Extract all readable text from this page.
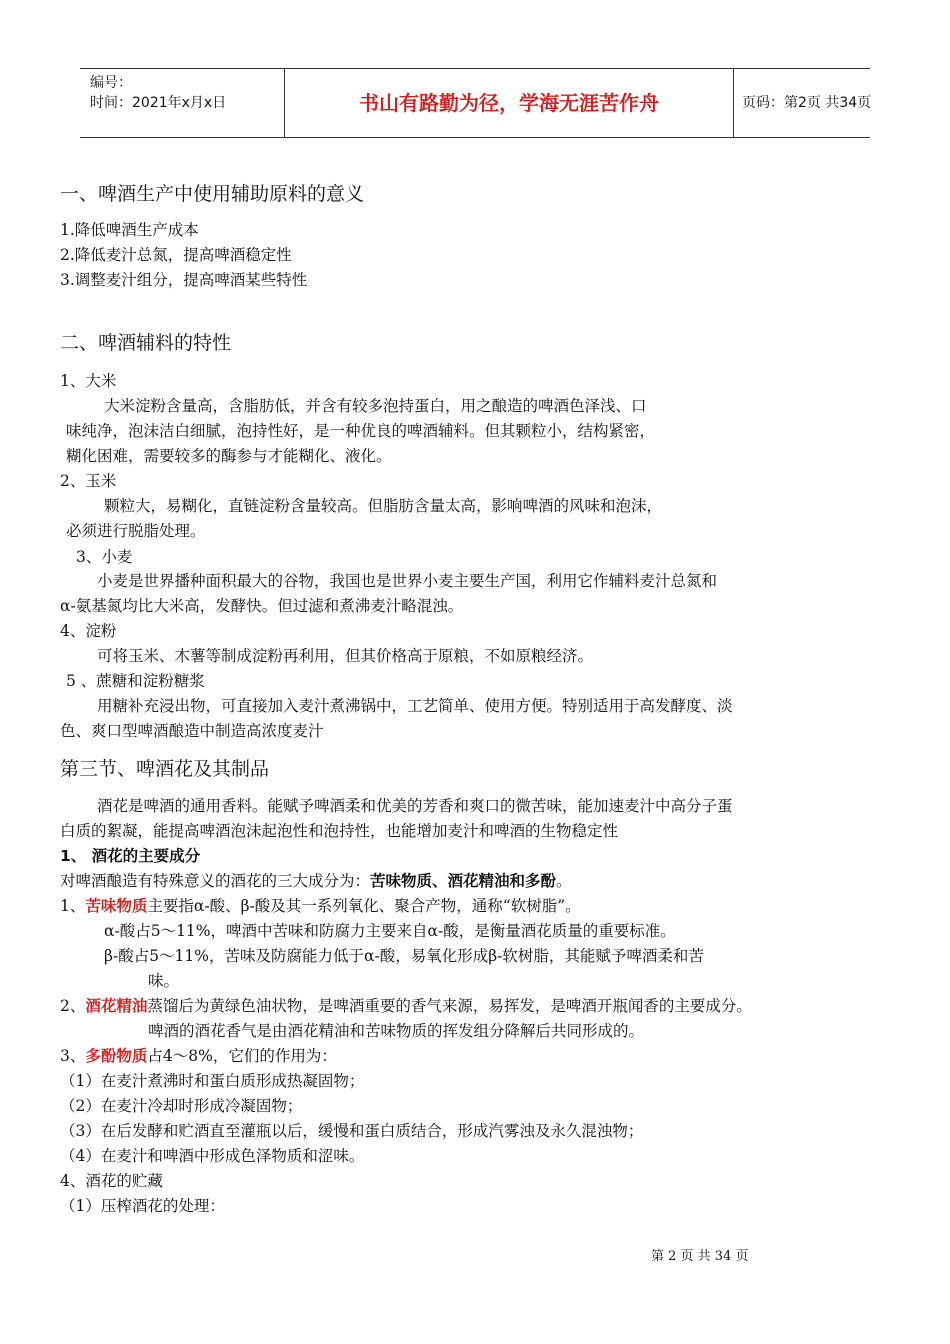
编号：
时间：2021年x月x日	书山有路勤为径，学海无涯苦作舟	页码：第2页 共34页
一、啤酒生产中使用辅助原料的意义
1.降低啤酒生产成本
2.降低麦汁总氮，提高啤酒稳定性
3.调整麦汁组分，提高啤酒某些特性
二、啤酒辅料的特性
1、大米
大米淀粉含量高，含脂肪低，并含有较多泡持蛋白，用之酿造的啤酒色泽浅、口
味纯净，泡沫洁白细腻，泡持性好，是一种优良的啤酒辅料。但其颗粒小，结构紧密，
糊化困难，需要较多的酶参与才能糊化、液化。
2、玉米
颗粒大，易糊化，直链淀粉含量较高。但脂肪含量太高，影响啤酒的风味和泡沫，
必须进行脱脂处理。
3、小麦
小麦是世界播种面积最大的谷物，我国也是世界小麦主要生产国，利用它作辅料麦汁总氮和
α-氨基氮均比大米高，发酵快。但过滤和煮沸麦汁略混浊。
4、淀粉
可将玉米、木薯等制成淀粉再利用，但其价格高于原粮，不如原粮经济。
5 、蔗糖和淀粉糖浆
用糖补充浸出物，可直接加入麦汁煮沸锅中，工艺简单、使用方便。特别适用于高发酵度、淡
色、爽口型啤酒酿造中制造高浓度麦汁
第三节、啤酒花及其制品
酒花是啤酒的通用香料。能赋予啤酒柔和优美的芳香和爽口的微苦味，能加速麦汁中高分子蛋
白质的絮凝，能提高啤酒泡沫起泡性和泡持性，也能增加麦汁和啤酒的生物稳定性
1、 酒花的主要成分
对啤酒酿造有特殊意义的酒花的三大成分为：苦味物质、酒花精油和多酚。
1、苦味物质主要指α-酸、β-酸及其一系列氧化、聚合产物，通称“软树脂”。
α-酸占5～11%，啤酒中苦味和防腐力主要来自α-酸，是衡量酒花质量的重要标准。
β-酸占5～11%，苦味及防腐能力低于α-酸，易氧化形成β-软树脂，其能赋予啤酒柔和苦
味。
2、酒花精油蒸馏后为黄绿色油状物，是啤酒重要的香气来源，易挥发，是啤酒开瓶闻香的主要成分。
啤酒的酒花香气是由酒花精油和苦味物质的挥发组分降解后共同形成的。
3、多酚物质占4～8%，它们的作用为：
（1）在麦汁煮沸时和蛋白质形成热凝固物；
（2）在麦汁冷却时形成冷凝固物；
（3）在后发酵和贮酒直至灌瓶以后，缓慢和蛋白质结合，形成汽雾浊及永久混浊物；
（4）在麦汁和啤酒中形成色泽物质和涩味。
4、酒花的贮藏
（1）压榨酒花的处理：
第 2 页 共 34 页
